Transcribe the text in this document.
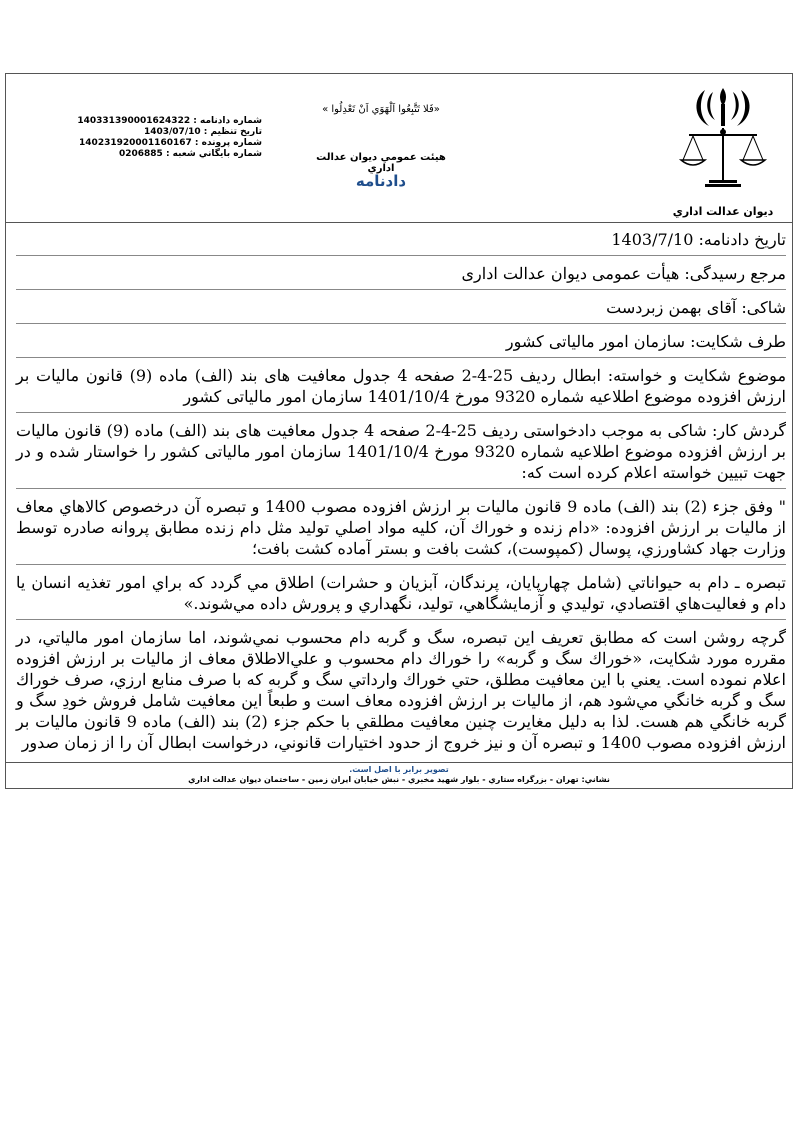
ديوان عدالت اداري
«فَلا تَتَّبِعُوا اَلْهَوَي اَنْ تَعْدِلُوا »
هيئت عمومي ديوان عدالت اداري
دادنامه
شماره دادنامه : 140331390001624322
تاريخ تنظيم : 1403/07/10
شماره پرونده : 14023192000116016‌7
شماره بايگاني شعبه : 0206885
تاریخ دادنامه: 1403/7/10
مرجع رسیدگی: هیأت عمومی دیوان عدالت اداری
شاکی: آقای بهمن زبردست
طرف شکایت: سازمان امور مالیاتی کشور
موضوع شکایت و خواسته: ابطال ردیف 25-4-2 صفحه 4 جدول معافیت های بند (الف) ماده (9) قانون مالیات بر ارزش افزوده موضوع اطلاعیه شماره 9320 مورخ 1401/10/4 سازمان امور مالیاتی کشور
گردش کار: شاکی به موجب دادخواستی ردیف 25-4-2 صفحه 4 جدول معافیت های بند (الف) ماده (9) قانون مالیات بر ارزش افزوده موضوع اطلاعیه شماره 9320 مورخ 1401/10/4 سازمان امور مالیاتی کشور را خواستار شده و در جهت تبیین خواسته اعلام کرده است که:
" وفق جزء (2) بند (الف) ماده 9 قانون مالیات بر ارزش افزوده مصوب 1400 و تبصره آن درخصوص كالاهاي معاف از ماليات بر ارزش افزوده: «دام زنده و خوراك آن، كليه مواد اصلي توليد مثل دام زنده مطابق پروانه صادره توسط وزارت جهاد كشاورزي، پوسال (كمپوست)، كشت بافت و بستر آماده كشت بافت؛
تبصره ـ دام به حيواناتي (شامل چهارپايان، پرندگان، آبزيان و حشرات) اطلاق مي گردد كه براي امور تغذيه انسان يا دام و فعاليت‌هاي اقتصادي، توليدي و آزمايشگاهي، توليد، نگهداري و پرورش داده مي‌شوند.»
گرچه روشن است كه مطابق تعريف اين تبصره، سگ و گربه دام محسوب نمي‌شوند، اما سازمان امور مالياتي، در مقرره مورد شكايت، «خوراك سگ و گربه» را خوراك دام محسوب و علي‌الاطلاق معاف از ماليات بر ارزش افزوده اعلام نموده است. يعني با اين معافيت مطلق، حتي خوراك وارداتي سگ و گربه كه با صرف منابع ارزي، صرف خوراك سگ و گربه خانگي مي‌شود هم، از ماليات بر ارزش افزوده معاف است و طبعاً اين معافيت شامل فروش خودِ سگ و گربه خانگي هم هست. لذا به دليل مغايرت چنين معافيت مطلقي با حكم جزء (2) بند (الف) ماده 9 قانون ماليات بر ارزش افزوده مصوب 1400 و تبصره آن و نيز خروج از حدود اختيارات قانوني، درخواست ابطال آن را از زمان صدور
تصوير برابر با اصل است.
نشاني: تهران - بزرگراه ستاري - بلوار شهيد مخبري - نبش خيابان ايران زمين - ساختمان ديوان عدالت اداري
